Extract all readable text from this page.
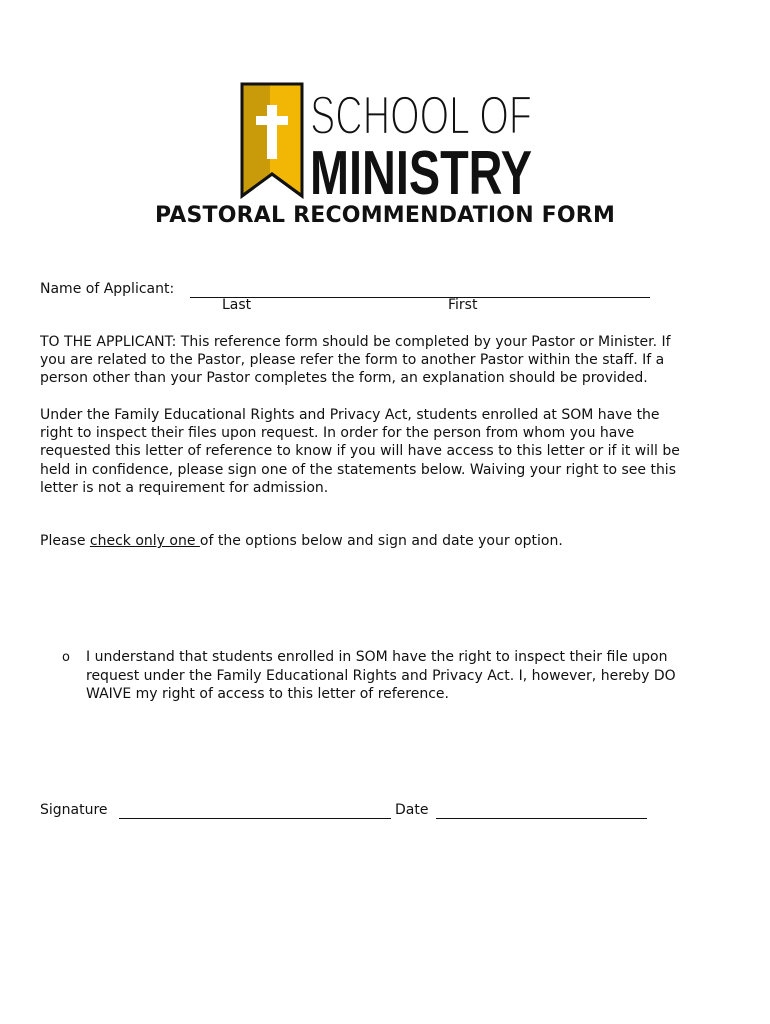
SCHOOL OF
MINISTRY
PASTORAL RECOMMENDATION FORM
Name of Applicant:
Last	First
TO THE APPLICANT: This reference form should be completed by your Pastor or Minister. If
you are related to the Pastor, please refer the form to another Pastor within the staff. If a
person other than your Pastor completes the form, an explanation should be provided.
Under the Family Educational Rights and Privacy Act, students enrolled at SOM have the
right to inspect their files upon request. In order for the person from whom you have
requested this letter of reference to know if you will have access to this letter or if it will be
held in confidence, please sign one of the statements below. Waiving your right to see this
letter is not a requirement for admission.
Please check only one of the options below and sign and date your option.
o I understand that students enrolled in SOM have the right to inspect their file upon
request under the Family Educational Rights and Privacy Act. I, however, hereby DO
WAIVE my right of access to this letter of reference.
Signature	Date
